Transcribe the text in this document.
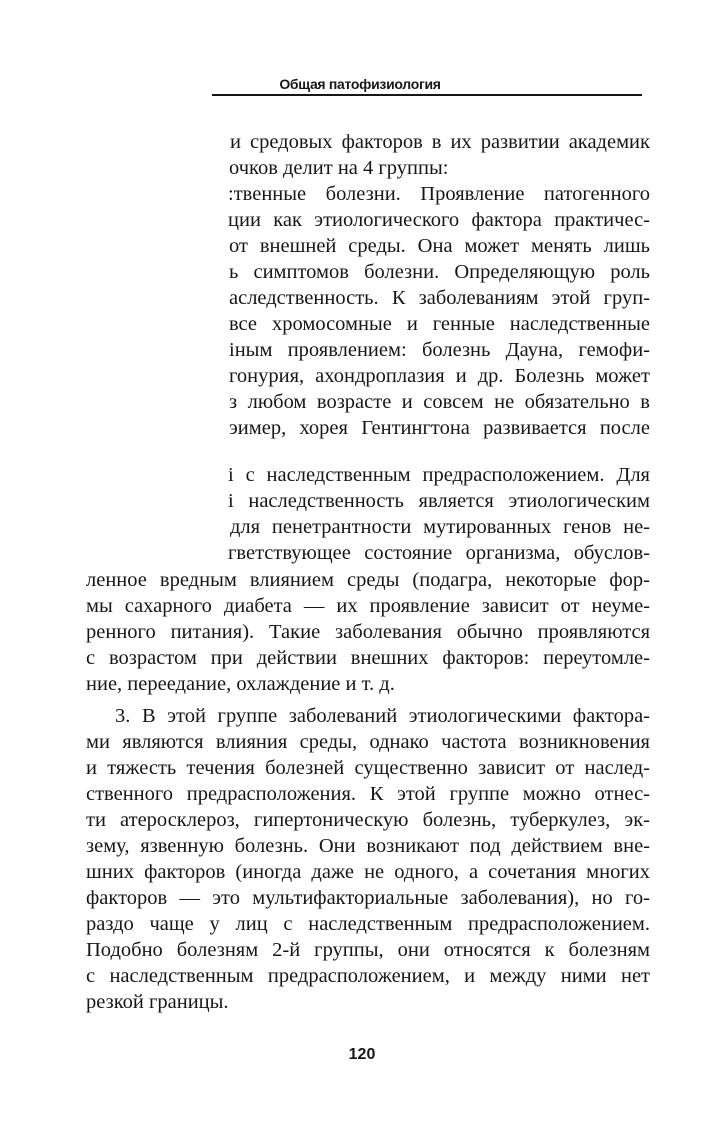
Общая патофизиология
и средовых факторов в их развитии академик
очков делит на 4 группы:
:твенные болезни. Проявление патогенного
ции как этиологического фактора практичес-
от внешней среды. Она может менять лишь
ь симптомов болезни. Определяющую роль
аследственность. К заболеваниям этой груп-
все хромосомные и генные наследственные
іным проявлением: болезнь Дауна, гемофи-
гонурия, ахондроплазия и др. Болезнь может
з любом возрасте и совсем не обязательно в
эимер, хорея Гентингтона развивается после
і с наследственным предрасположением. Для
і наследственность является этиологическим
для пенетрантности мутированных генов не-
гветствующее состояние организма, обуслов-
ленное вредным влиянием среды (подагра, некоторые фор-
мы сахарного диабета — их проявление зависит от неуме-
ренного питания). Такие заболевания обычно проявляются
с возрастом при действии внешних факторов: переутомле-
ние, переедание, охлаждение и т. д.
3. В этой группе заболеваний этиологическими фактора-
ми являются влияния среды, однако частота возникновения
и тяжесть течения болезней существенно зависит от наслед-
ственного предрасположения. К этой группе можно отнес-
ти атеросклероз, гипертоническую болезнь, туберкулез, эк-
зему, язвенную болезнь. Они возникают под действием вне-
шних факторов (иногда даже не одного, а сочетания многих
факторов — это мультифакториальные заболевания), но го-
раздо чаще у лиц с наследственным предрасположением.
Подобно болезням 2-й группы, они относятся к болезням
с наследственным предрасположением, и между ними нет
резкой границы.
120
